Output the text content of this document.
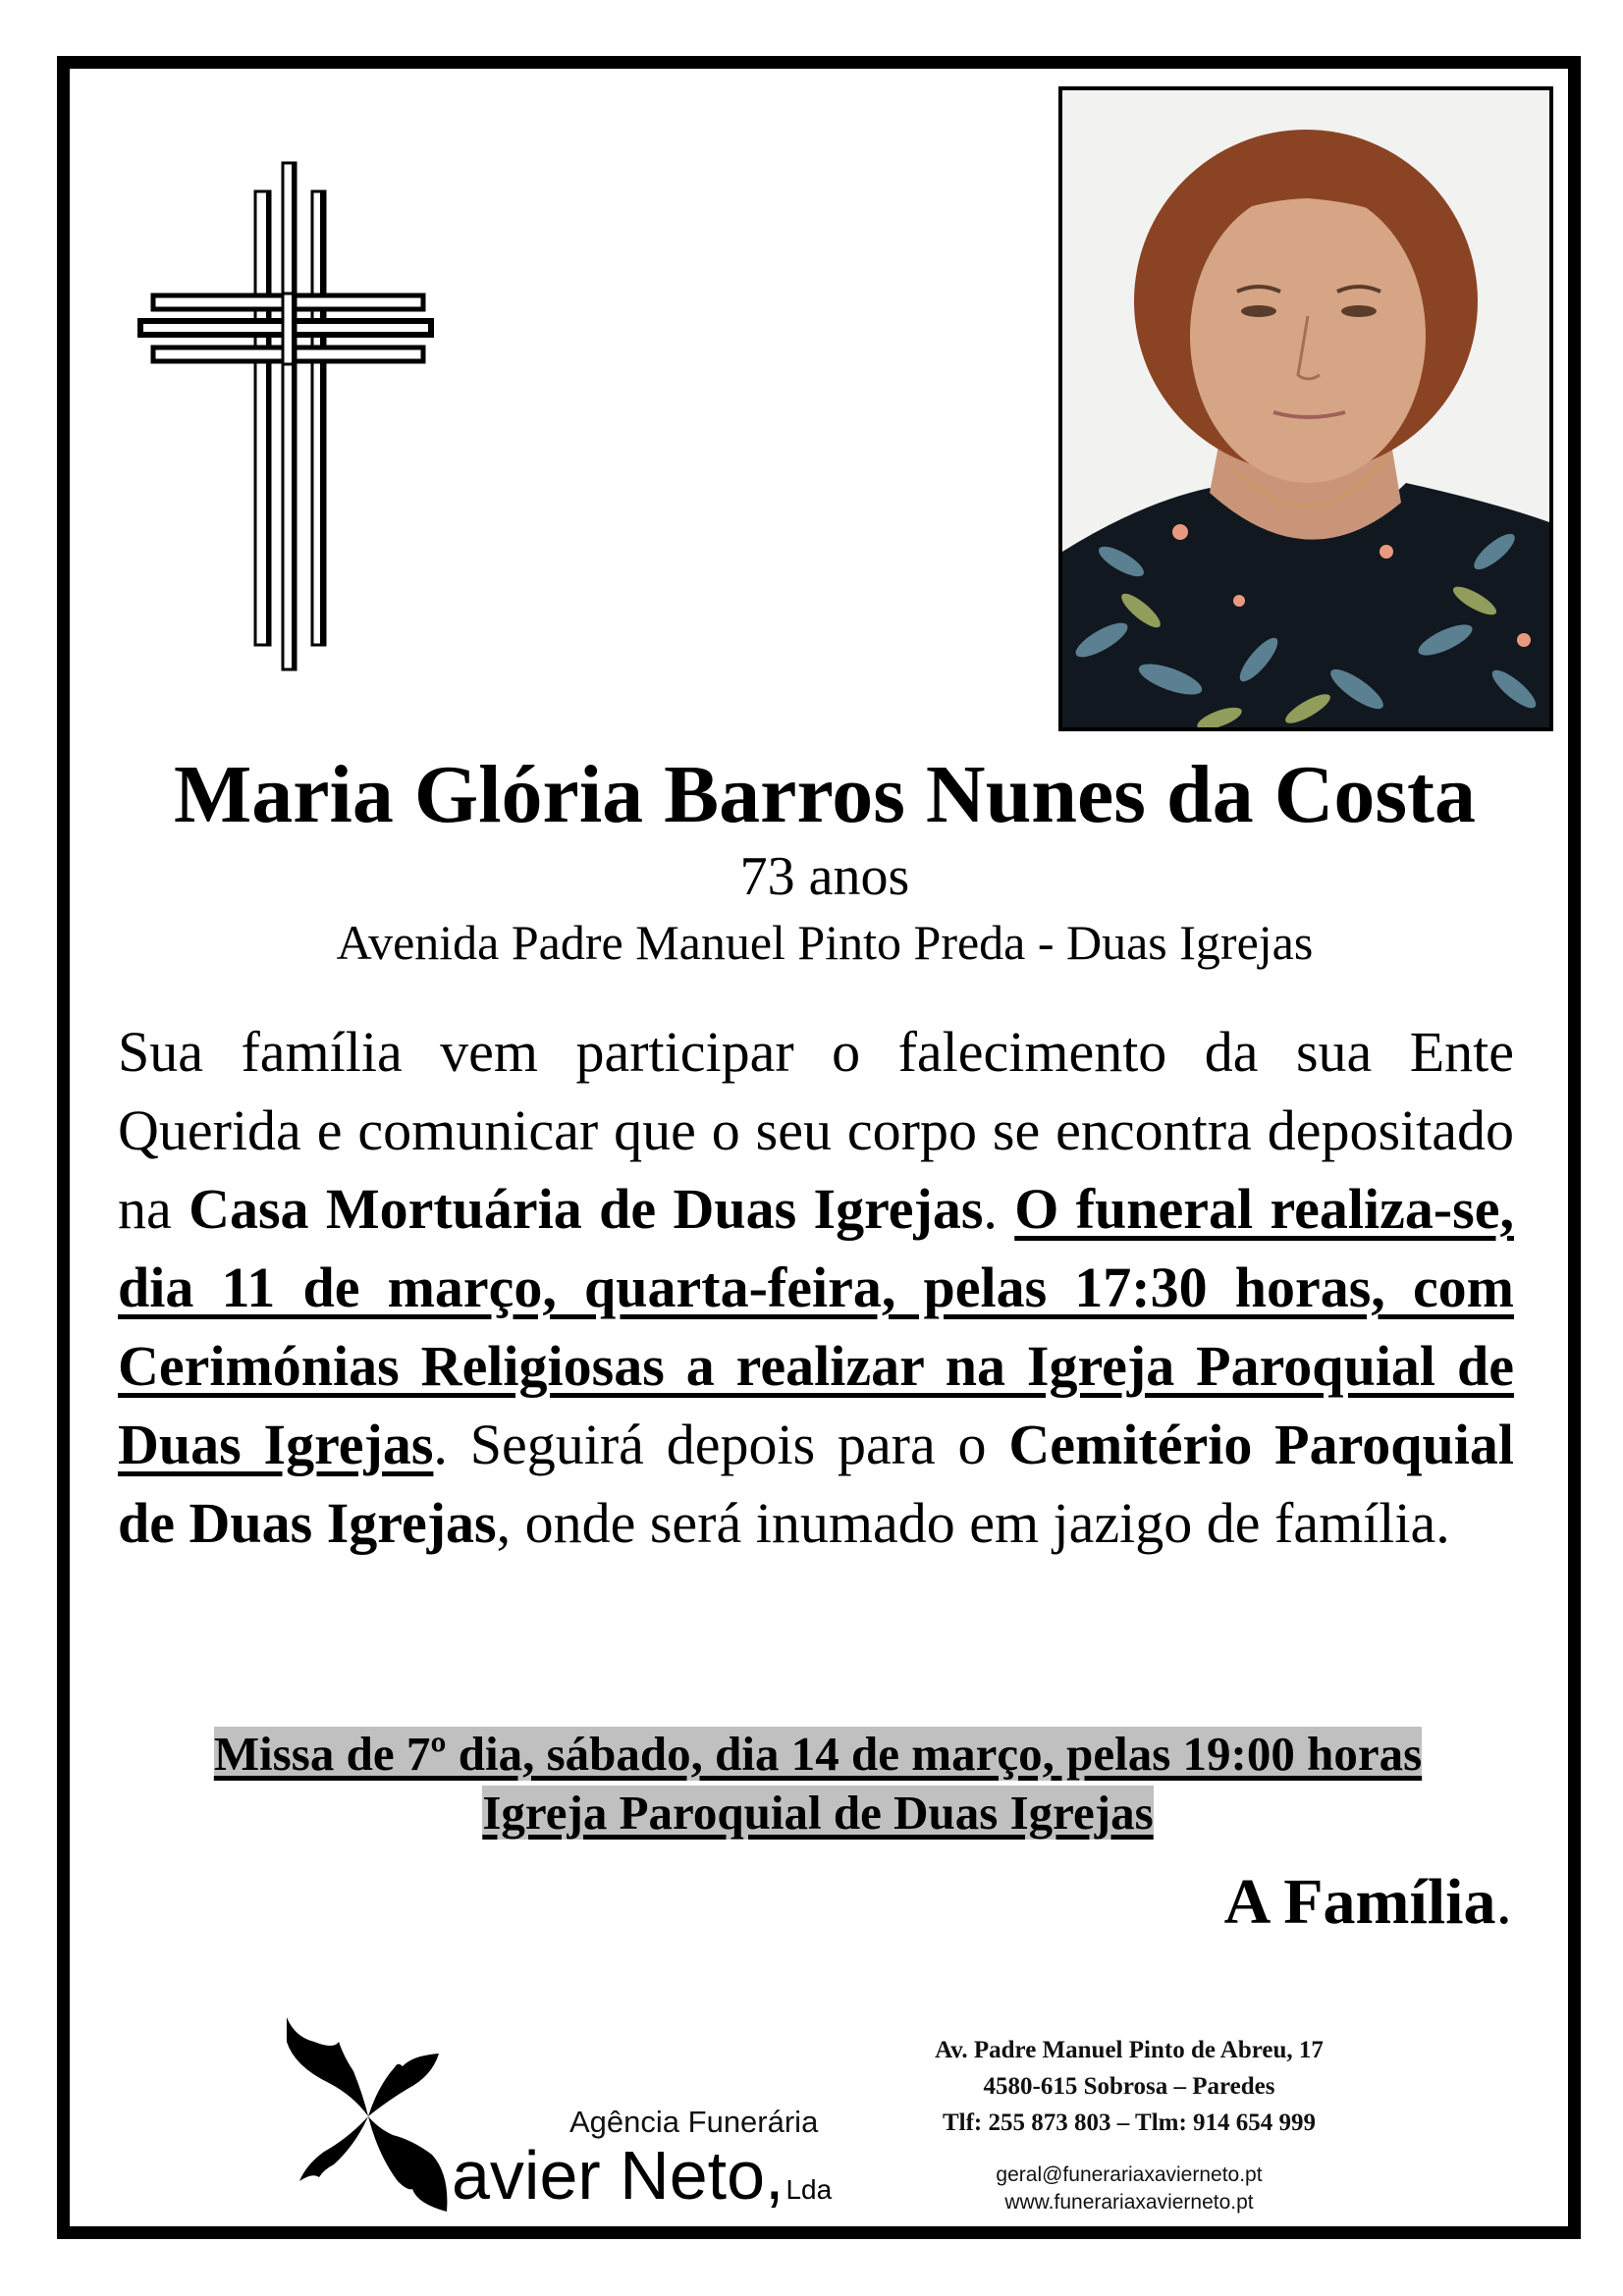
Maria Glória Barros Nunes da Costa
73 anos
Avenida Padre Manuel Pinto Preda - Duas Igrejas
Sua família vem participar o falecimento da sua Ente Querida e comunicar que o seu corpo se encontra depositado na Casa Mortuária de Duas Igrejas. O funeral realiza-se, dia 11 de março, quarta-feira, pelas 17:30 horas, com Cerimónias Religiosas a realizar na Igreja Paroquial de Duas Igrejas. Seguirá depois para o Cemitério Paroquial de Duas Igrejas, onde será inumado em jazigo de família.
Missa de 7º dia, sábado, dia 14 de março, pelas 19:00 horas
Igreja Paroquial de Duas Igrejas
A Família.
Agência Funerária
avier Neto,Lda
Av. Padre Manuel Pinto de Abreu, 17
4580-615 Sobrosa – Paredes
Tlf: 255 873 803 – Tlm: 914 654 999
geral@funerariaxavierneto.pt
www.funerariaxavierneto.pt
